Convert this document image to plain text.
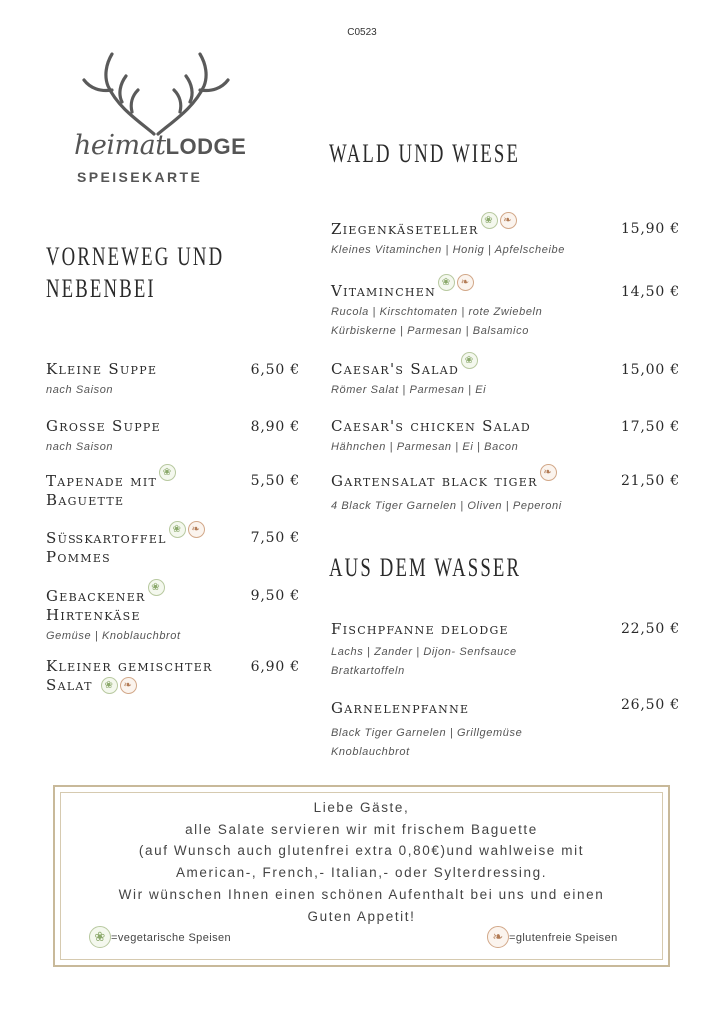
C0523
heimatLODGE
SPEISEKARTE
VORNEWEG UND
NEBENBEI
Kleine Suppe
nach Saison
6,50 €
Grosse Suppe
nach Saison
8,90 €
Tapenade mit❀
Baguette
5,50 €
Süßkartoffel❀❧
Pommes
7,50 €
Gebackener❀
Hirtenkäse
Gemüse | Knoblauchbrot
9,50 €
Kleiner gemischter
Salat ❀❧
6,90 €
WALD UND WIESE
Ziegenkäseteller❀❧
Kleines Vitaminchen | Honig | Apfelscheibe
15,90 €
Vitaminchen❀❧
Rucola | Kirschtomaten | rote Zwiebeln
Kürbiskerne | Parmesan | Balsamico
14,50 €
Caesar's Salad❀
Römer Salat | Parmesan | Ei
15,00 €
Caesar's chicken Salad
Hähnchen | Parmesan | Ei | Bacon
17,50 €
Gartensalat black tiger❧
4 Black Tiger Garnelen | Oliven | Peperoni
21,50 €
AUS DEM WASSER
Fischpfanne delodge
Lachs | Zander | Dijon- Senfsauce
Bratkartoffeln
22,50 €
Garnelenpfanne
Black Tiger Garnelen | Grillgemüse
Knoblauchbrot
26,50 €
Liebe Gäste,
alle Salate servieren wir mit frischem Baguette
(auf Wunsch auch glutenfrei extra 0,80€)und wahlweise mit
American-, French,- Italian,- oder Sylterdressing.
Wir wünschen Ihnen einen schönen Aufenthalt bei uns und einen
Guten Appetit!
❀=vegetarische Speisen
❧	=glutenfreie Speisen
